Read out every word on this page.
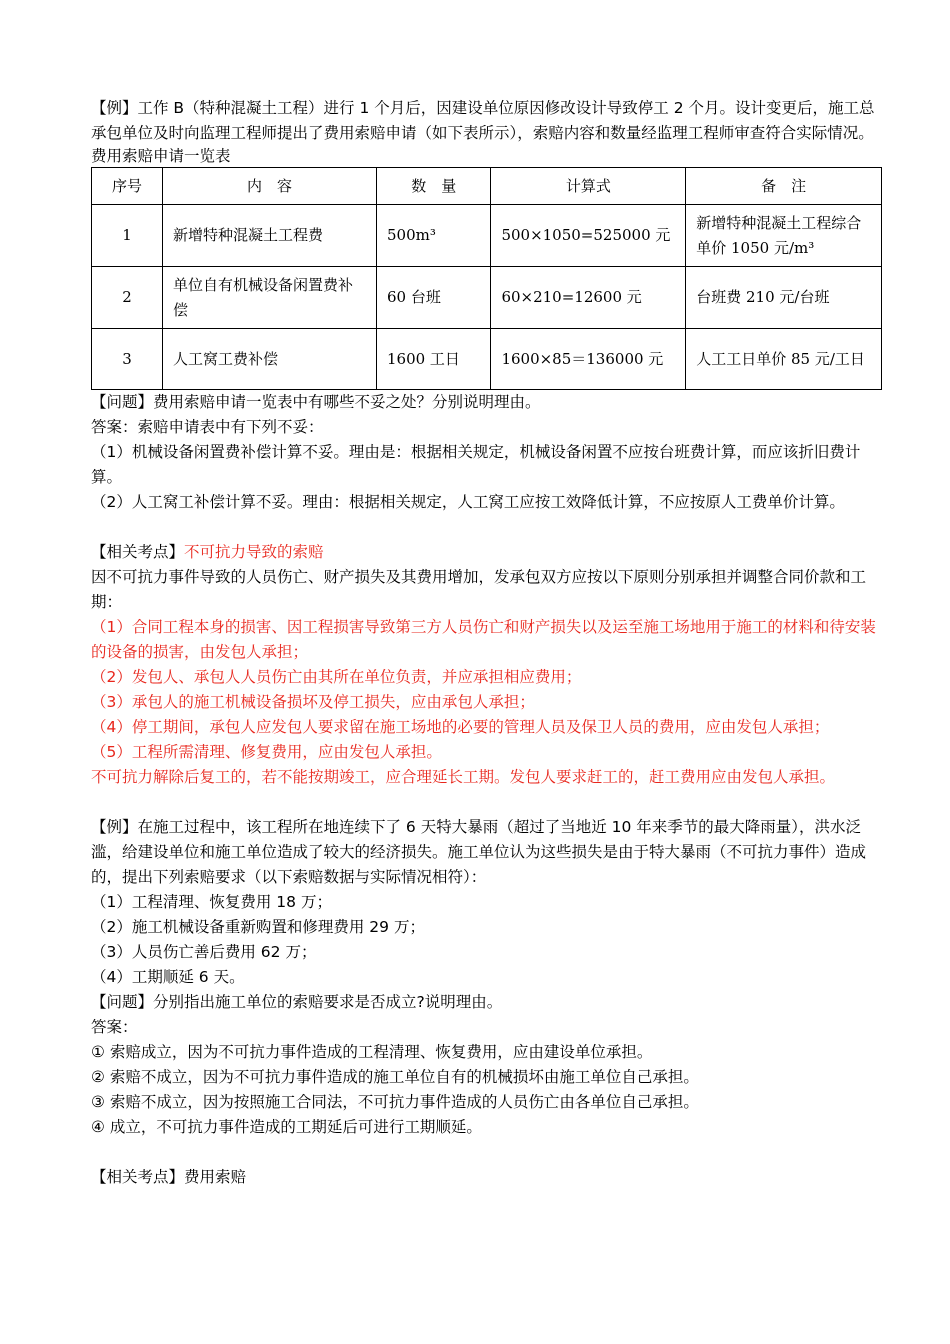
【例】工作 B（特种混凝土工程）进行 1 个月后，因建设单位原因修改设计导致停工 2 个月。设计变更后，施工总承包单位及时向监理工程师提出了费用索赔申请（如下表所示），索赔内容和数量经监理工程师审查符合实际情况。

费用索赔申请一览表

序号	内　容	数　量	计算式	备　注
1	新增特种混凝土工程费	500m³	500×1050=525000 元	新增特种混凝土工程综合单价 1050 元/m³
2	单位自有机械设备闲置费补偿	60 台班	60×210=12600 元	台班费 210 元/台班
3	人工窝工费补偿	1600 工日	1600×85＝136000 元	人工工日单价 85 元/工日

【问题】费用索赔申请一览表中有哪些不妥之处？分别说明理由。

答案：索赔申请表中有下列不妥：

（1）机械设备闲置费补偿计算不妥。理由是：根据相关规定，机械设备闲置不应按台班费计算，而应该折旧费计算。

（2）人工窝工补偿计算不妥。理由：根据相关规定，人工窝工应按工效降低计算，不应按原人工费单价计算。

【相关考点】不可抗力导致的索赔

因不可抗力事件导致的人员伤亡、财产损失及其费用增加，发承包双方应按以下原则分别承担并调整合同价款和工期：

（1）合同工程本身的损害、因工程损害导致第三方人员伤亡和财产损失以及运至施工场地用于施工的材料和待安装的设备的损害，由发包人承担；

（2）发包人、承包人人员伤亡由其所在单位负责，并应承担相应费用；

（3）承包人的施工机械设备损坏及停工损失，应由承包人承担；

（4）停工期间，承包人应发包人要求留在施工场地的必要的管理人员及保卫人员的费用，应由发包人承担；

（5）工程所需清理、修复费用，应由发包人承担。

不可抗力解除后复工的，若不能按期竣工，应合理延长工期。发包人要求赶工的，赶工费用应由发包人承担。

【例】在施工过程中，该工程所在地连续下了 6 天特大暴雨（超过了当地近 10 年来季节的最大降雨量），洪水泛滥，给建设单位和施工单位造成了较大的经济损失。施工单位认为这些损失是由于特大暴雨（不可抗力事件）造成的，提出下列索赔要求（以下索赔数据与实际情况相符）：

（1）工程清理、恢复费用 18 万；

（2）施工机械设备重新购置和修理费用 29 万；

（3）人员伤亡善后费用 62 万；

（4）工期顺延 6 天。

【问题】分别指出施工单位的索赔要求是否成立?说明理由。

答案：

① 索赔成立，因为不可抗力事件造成的工程清理、恢复费用，应由建设单位承担。

② 索赔不成立，因为不可抗力事件造成的施工单位自有的机械损坏由施工单位自己承担。

③ 索赔不成立，因为按照施工合同法，不可抗力事件造成的人员伤亡由各单位自己承担。

④ 成立，不可抗力事件造成的工期延后可进行工期顺延。

【相关考点】费用索赔
